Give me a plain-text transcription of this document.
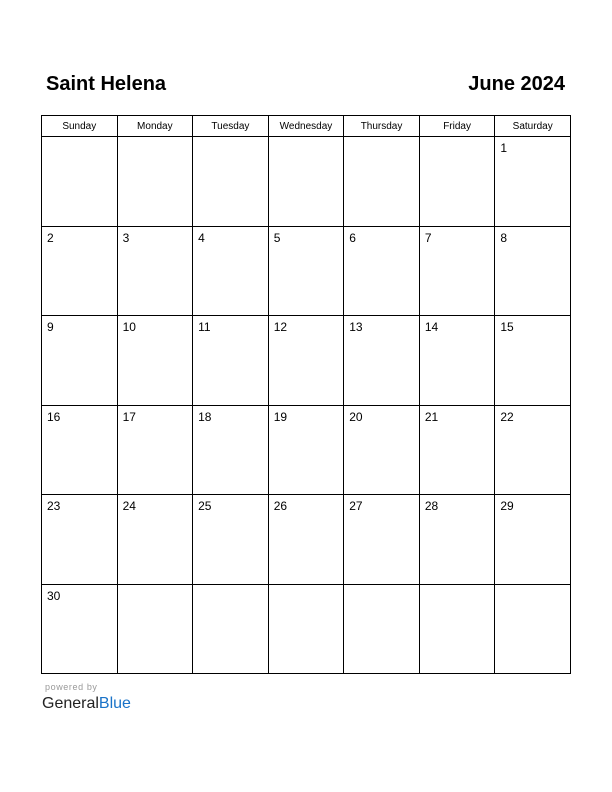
Saint Helena	June 2024
Sunday	Monday	Tuesday	Wednesday	Thursday	Friday	Saturday

						1

2	3	4	5	6	7	8

9	10	11	12	13	14	15

16	17	18	19	20	21	22

23	24	25	26	27	28	29

30						

powered by
GeneralBlue
